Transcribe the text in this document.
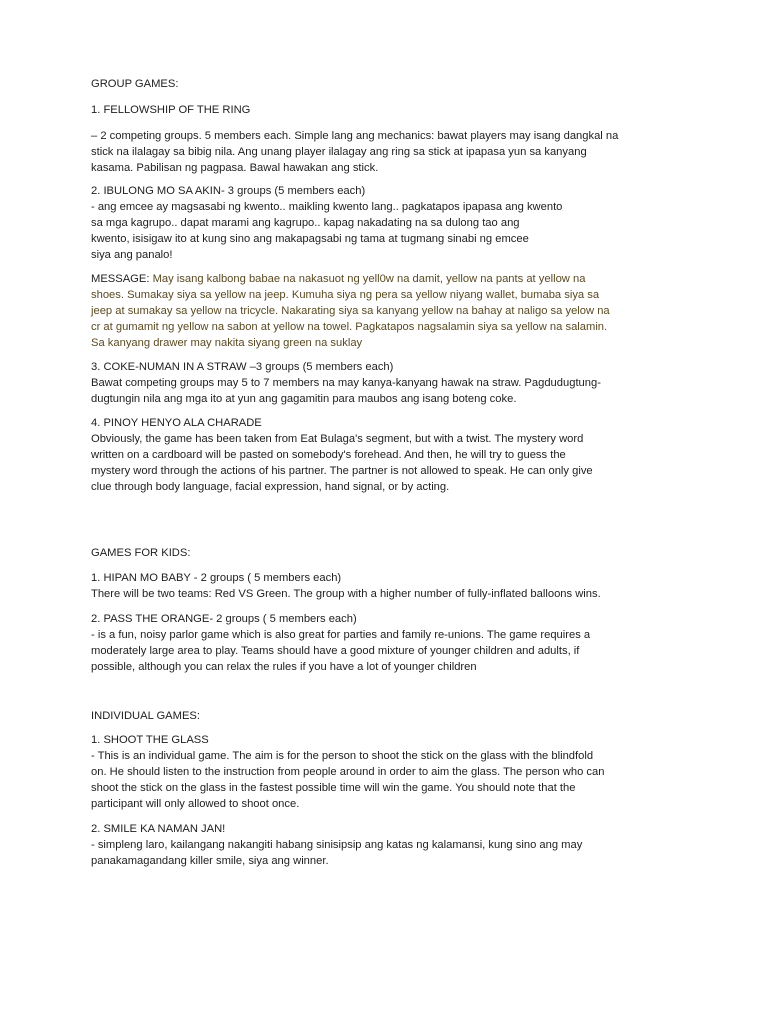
GROUP GAMES:
1. FELLOWSHIP OF THE RING
– 2 competing groups. 5 members each. Simple lang ang mechanics: bawat players may isang dangkal na
stick na ilalagay sa bibig nila. Ang unang player ilalagay ang ring sa stick at ipapasa yun sa kanyang
kasama. Pabilisan ng pagpasa. Bawal hawakan ang stick.
2. IBULONG MO SA AKIN- 3 groups (5 members each)
- ang emcee ay magsasabi ng kwento.. maikling kwento lang.. pagkatapos ipapasa ang kwento
sa mga kagrupo.. dapat marami ang kagrupo.. kapag nakadating na sa dulong tao ang
kwento, isisigaw ito at kung sino ang makapagsabi ng tama at tugmang sinabi ng emcee
siya ang panalo!
MESSAGE: May isang kalbong babae na nakasuot ng yell0w na damit, yellow na pants at yellow na
shoes. Sumakay siya sa yellow na jeep. Kumuha siya ng pera sa yellow niyang wallet, bumaba siya sa
jeep at sumakay sa yellow na tricycle. Nakarating siya sa kanyang yellow na bahay at naligo sa yelow na
cr at gumamit ng yellow na sabon at yellow na towel. Pagkatapos nagsalamin siya sa yellow na salamin.
Sa kanyang drawer may nakita siyang green na suklay
3. COKE-NUMAN IN A STRAW –3 groups (5 members each)
Bawat competing groups may 5 to 7 members na may kanya-kanyang hawak na straw. Pagdudugtung-
dugtungin nila ang mga ito at yun ang gagamitin para maubos ang isang boteng coke.
4. PINOY HENYO ALA CHARADE
Obviously, the game has been taken from Eat Bulaga's segment, but with a twist. The mystery word
written on a cardboard will be pasted on somebody's forehead. And then, he will try to guess the
mystery word through the actions of his partner. The partner is not allowed to speak. He can only give
clue through body language, facial expression, hand signal, or by acting.
GAMES FOR KIDS:
1. HIPAN MO BABY - 2 groups ( 5 members each)
There will be two teams: Red VS Green. The group with a higher number of fully-inflated balloons wins.
2. PASS THE ORANGE- 2 groups ( 5 members each)
- is a fun, noisy parlor game which is also great for parties and family re-unions. The game requires a
moderately large area to play. Teams should have a good mixture of younger children and adults, if
possible, although you can relax the rules if you have a lot of younger children
INDIVIDUAL GAMES:
1. SHOOT THE GLASS
- This is an individual game. The aim is for the person to shoot the stick on the glass with the blindfold
on. He should listen to the instruction from people around in order to aim the glass. The person who can
shoot the stick on the glass in the fastest possible time will win the game. You should note that the
participant will only allowed to shoot once.
2. SMILE KA NAMAN JAN!
- simpleng laro, kailangang nakangiti habang sinisipsip ang katas ng kalamansi, kung sino ang may
panakamagandang killer smile, siya ang winner.
